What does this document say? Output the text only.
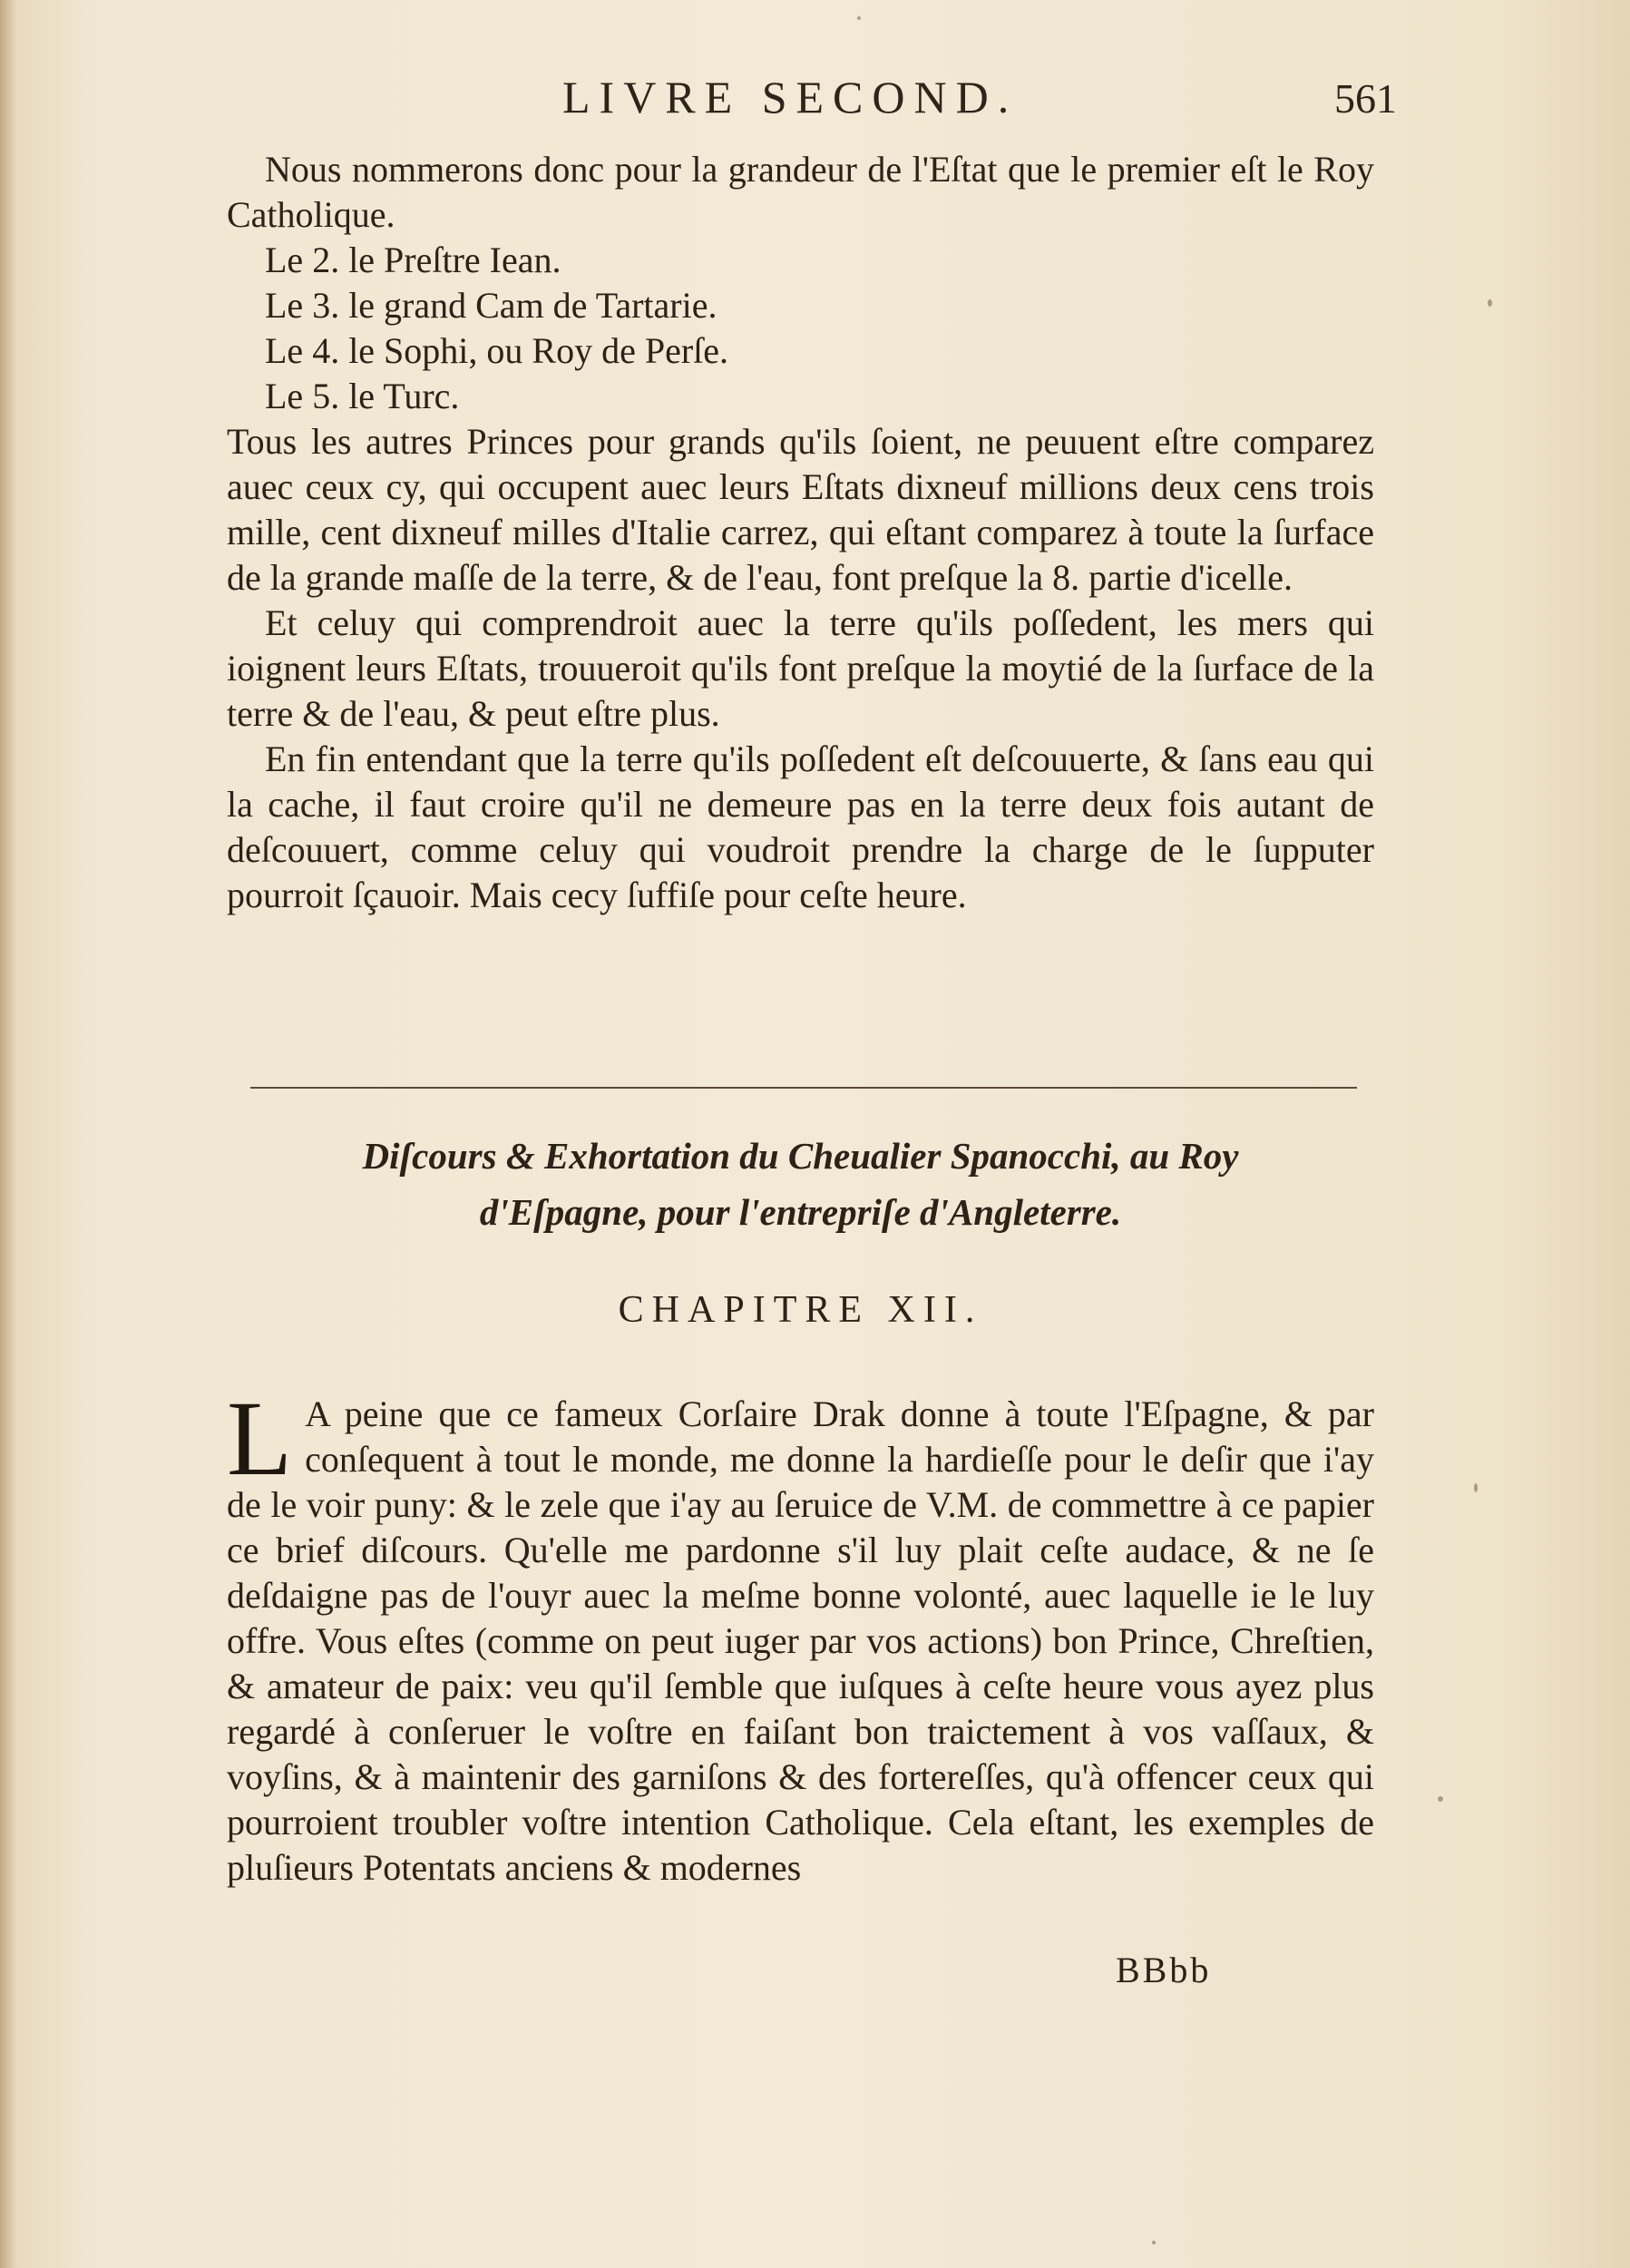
LIVRE SECOND.	561

Nous nommerons donc pour la grandeur de l'Eſtat que le premier eſt le Roy Catholique.

Le 2. le Preſtre Iean.
Le 3. le grand Cam de Tartarie.
Le 4. le Sophi, ou Roy de Perſe.
Le 5. le Turc.

Tous les autres Princes pour grands qu'ils ſoient, ne peuuent eſtre comparez auec ceux cy, qui occupent auec leurs Eſtats dixneuf millions deux cens trois mille, cent dixneuf milles d'Italie carrez, qui eſtant comparez à toute la ſurface de la grande maſſe de la terre, & de l'eau, font preſque la 8. partie d'icelle.

Et celuy qui comprendroit auec la terre qu'ils poſſedent, les mers qui ioignent leurs Eſtats, trouueroit qu'ils font preſque la moytié de la ſurface de la terre & de l'eau, & peut eſtre plus.

En fin entendant que la terre qu'ils poſſedent eſt deſcouuerte, & ſans eau qui la cache, il faut croire qu'il ne demeure pas en la terre deux fois autant de deſcouuert, comme celuy qui voudroit prendre la charge de le ſupputer pourroit ſçauoir. Mais cecy ſuffiſe pour ceſte heure.

Diſcours & Exhortation du Cheualier Spanocchi, au Roy
d'Eſpagne, pour l'entrepriſe d'Angleterre.
CHAPITRE XII.

L A peine que ce fameux Corſaire Drak donne à toute l'Eſpagne, & par conſequent à tout le monde, me donne la hardieſſe pour le deſir que i'ay de le voir puny: & le zele que i'ay au ſeruice de V.M. de commettre à ce papier ce brief diſcours. Qu'elle me pardonne s'il luy plait ceſte audace, & ne ſe deſdaigne pas de l'ouyr auec la meſme bonne volonté, auec laquelle ie le luy offre. Vous eſtes (comme on peut iuger par vos actions) bon Prince, Chreſtien, & amateur de paix: veu qu'il ſemble que iuſques à ceſte heure vous ayez plus regardé à conſeruer le voſtre en faiſant bon traictement à vos vaſſaux, & voyſins, & à maintenir des garniſons & des fortereſſes, qu'à offencer ceux qui pourroient troubler voſtre intention Catholique. Cela eſtant, les exemples de pluſieurs Potentats anciens & modernes

BBbb
